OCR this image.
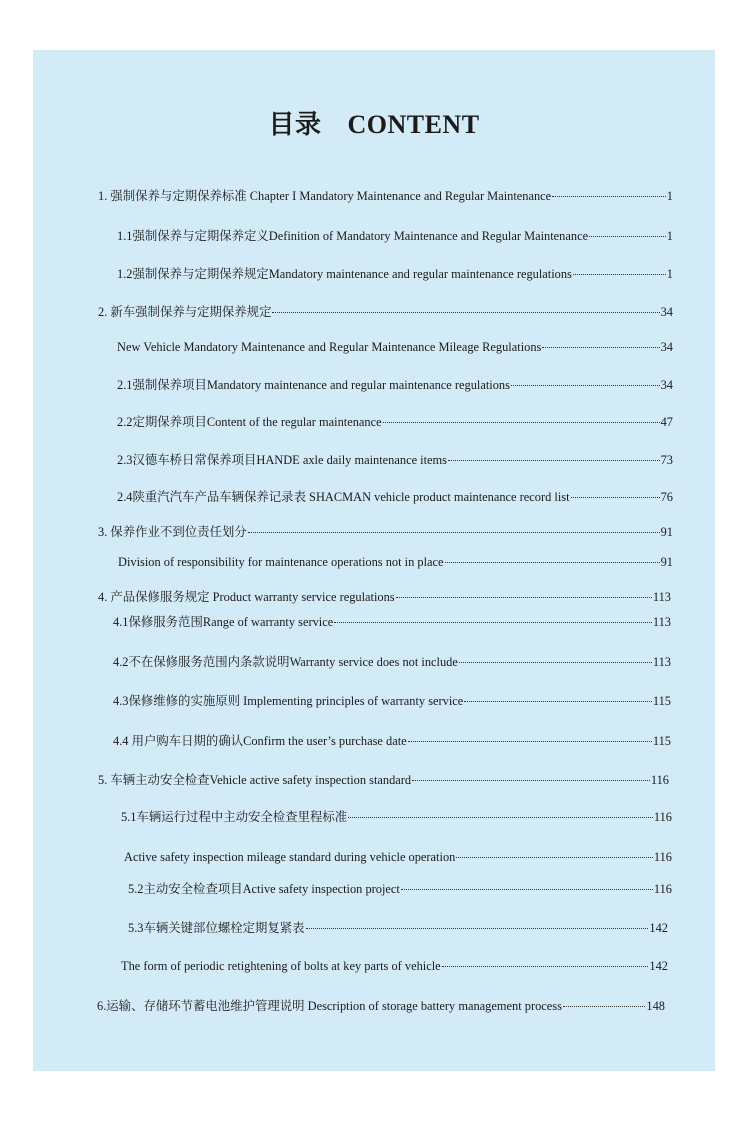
目录 CONTENT
1. 强制保养与定期保养标准 Chapter I Mandatory Maintenance and Regular Maintenance	1
1.1强制保养与定期保养定义Definition of Mandatory Maintenance and Regular Maintenance	1
1.2强制保养与定期保养规定Mandatory maintenance and regular maintenance regulations	1
2. 新车强制保养与定期保养规定	34
New Vehicle Mandatory Maintenance and Regular Maintenance Mileage Regulations	34
2.1强制保养项目Mandatory maintenance and regular maintenance regulations	34
2.2定期保养项目Content of the regular maintenance	47
2.3汉德车桥日常保养项目HANDE axle daily maintenance items	73
2.4陕重汽汽车产品车辆保养记录表 SHACMAN vehicle product maintenance record list	76
3. 保养作业不到位责任划分	91
Division of responsibility for maintenance operations not in place	91
4. 产品保修服务规定 Product warranty service regulations	113
4.1保修服务范围Range of warranty service	113
4.2不在保修服务范围内条款说明Warranty service does not include	113
4.3保修维修的实施原则 Implementing principles of warranty service	115
4.4 用户购车日期的确认Confirm the user’s purchase date	115
5. 车辆主动安全检查Vehicle active safety inspection standard	116
5.1车辆运行过程中主动安全检查里程标准	116
Active safety inspection mileage standard during vehicle operation	116
5.2主动安全检查项目Active safety inspection project	116
5.3车辆关键部位螺栓定期复紧表	142
The form of periodic retightening of bolts at key parts of vehicle	142
6.运输、存储环节蓄电池维护管理说明 Description of storage battery management process	148
